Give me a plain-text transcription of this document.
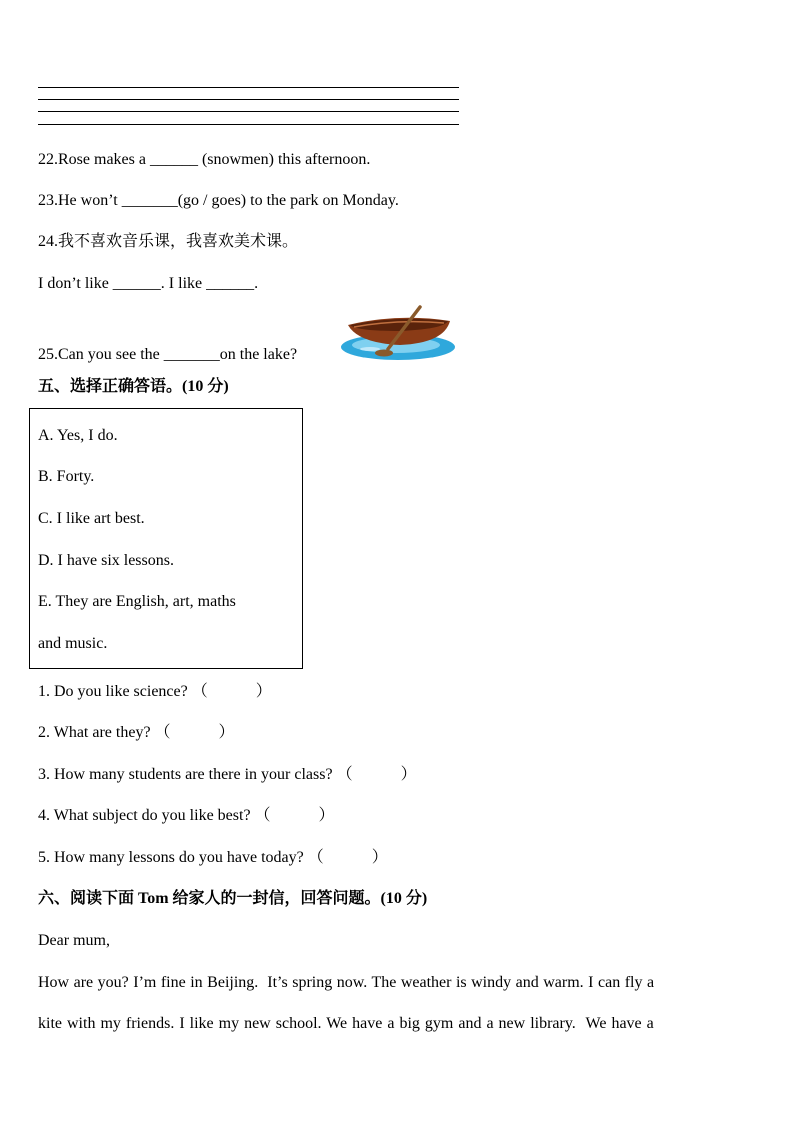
22.Rose makes a ______ (snowmen) this afternoon.
23.He won’t _______(go / goes) to the park on Monday.
24.我不喜欢音乐课，我喜欢美术课。
I don’t like ______. I like ______.
25.Can you see the _______on the lake?
五、选择正确答语。(10 分)
A. Yes, I do.
B. Forty.
C. I like art best.
D. I have six lessons.
E. They are English, art, maths
and music.
1. Do you like science? （            ）
2. What are they? （            ）
3. How many students are there in your class? （            ）
4. What subject do you like best? （            ）
5. How many lessons do you have today? （            ）
六、阅读下面 Tom 给家人的一封信，回答问题。(10 分)
Dear mum,
How are you? I’m fine in Beijing.  It’s spring now. The weather is windy and warm. I can fly a
kite with my friends. I like my new school. We have a big gym and a new library.  We have a
